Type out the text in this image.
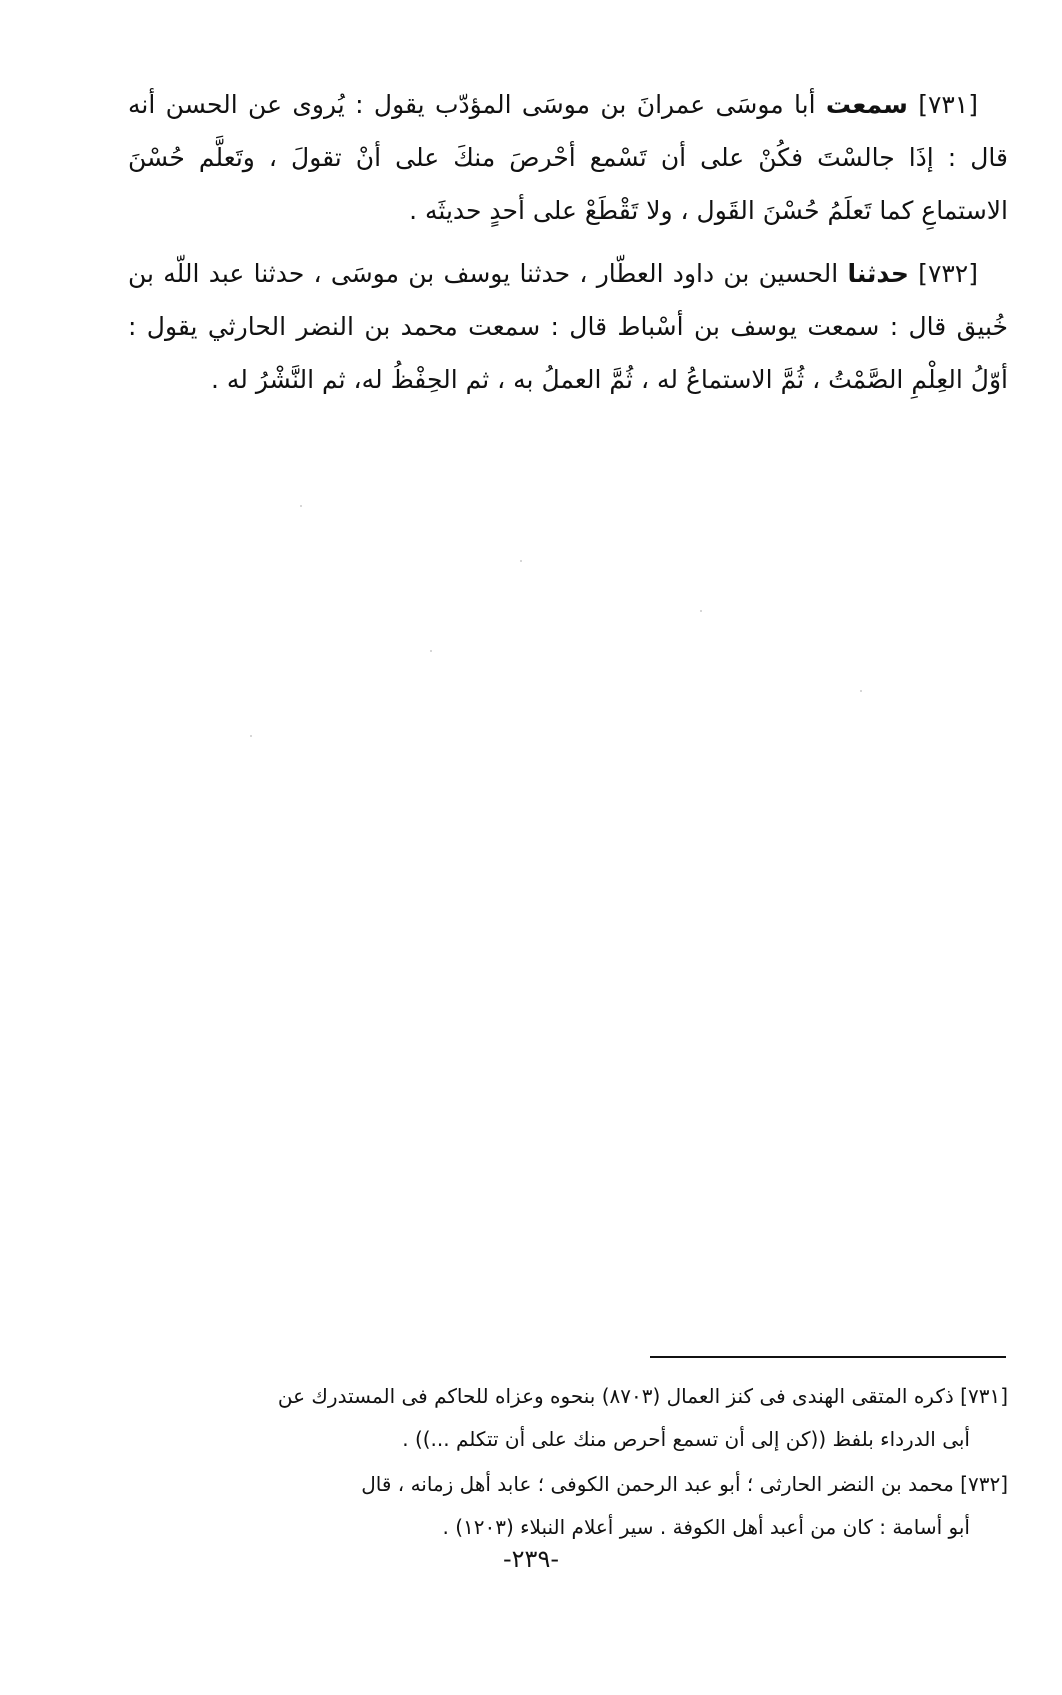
[٧٣١] سمعت أبا موسَى عمرانَ بن موسَى المؤدّب يقول : يُروى عن الحسن أنه قال : إذَا جالسْتَ فكُنْ على أن تَسْمع أحْرصَ منكَ على أنْ تقولَ ، وتَعلَّم حُسْنَ الاستماعِ كما تَعلَمُ حُسْنَ القَول ، ولا تَقْطَعْ على أحدٍ حديثَه .

[٧٣٢] حدثنا الحسين بن داود العطّار ، حدثنا يوسف بن موسَى ، حدثنا عبد اللّه بن خُبيق قال : سمعت يوسف بن أسْباط قال : سمعت محمد بن النضر الحارثي يقول : أوّلُ العِلْمِ الصَّمْتُ ، ثُمَّ الاستماعُ له ، ثُمَّ العملُ به ، ثم الحِفْظُ له، ثم النَّشْرُ له .

[٧٣١] ذكره المتقى الهندى فى كنز العمال (٨٧٠٣) بنحوه وعزاه للحاكم فى المستدرك عن
أبى الدرداء بلفظ ((كن إلى أن تسمع أحرص منك على أن تتكلم ...)) .
[٧٣٢] محمد بن النضر الحارثى ؛ أبو عبد الرحمن الكوفى ؛ عابد أهل زمانه ، قال
أبو أسامة : كان من أعبد أهل الكوفة . سير أعلام النبلاء (١٢٠٣) .
-٢٣٩-
